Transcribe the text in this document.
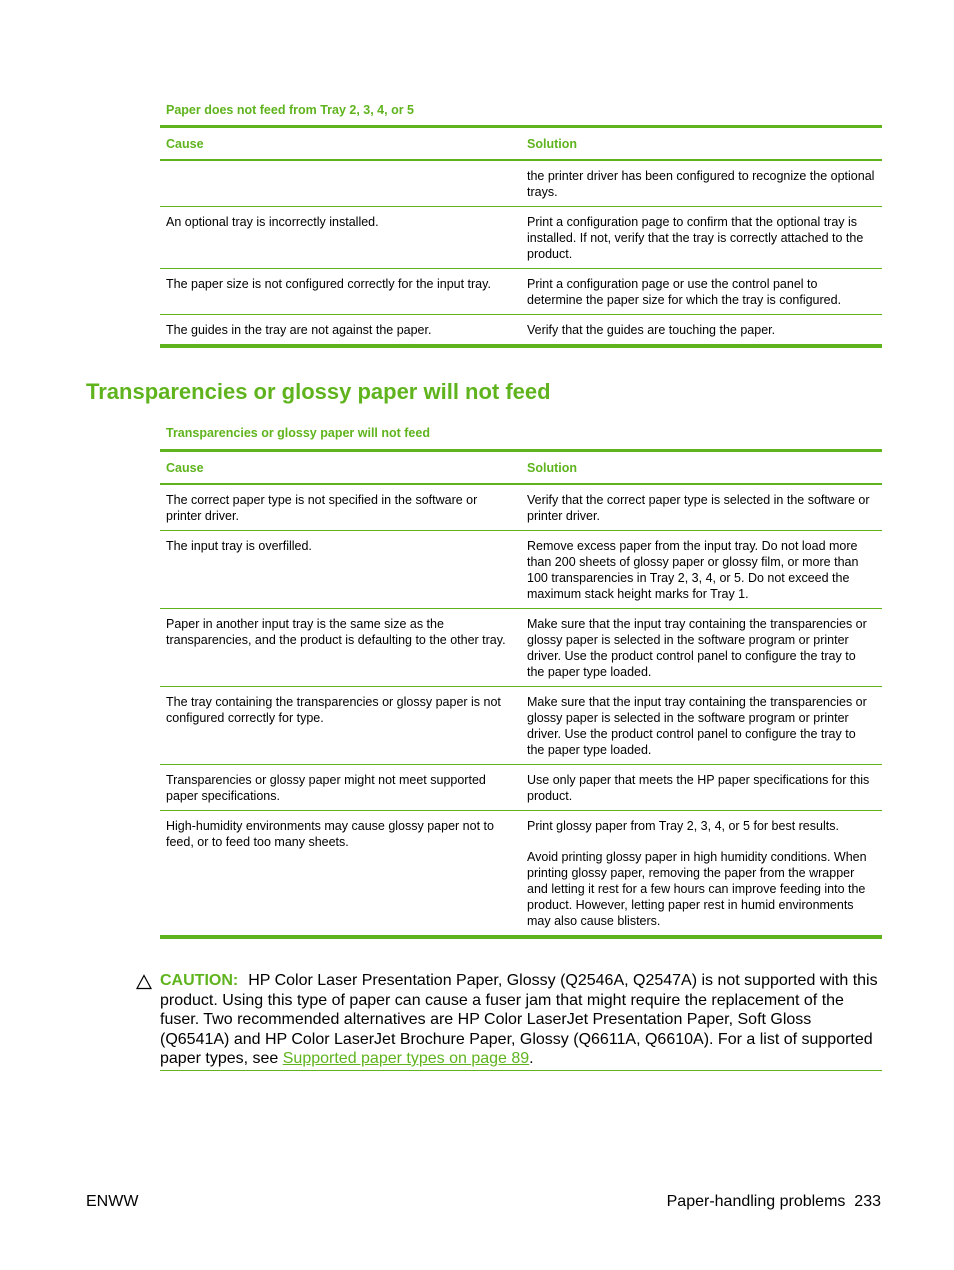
Paper does not feed from Tray 2, 3, 4, or 5
Cause	Solution
	the printer driver has been configured to recognize the optional trays.
An optional tray is incorrectly installed.	Print a configuration page to confirm that the optional tray is installed. If not, verify that the tray is correctly attached to the product.
The paper size is not configured correctly for the input tray.	Print a configuration page or use the control panel to determine the paper size for which the tray is configured.
The guides in the tray are not against the paper.	Verify that the guides are touching the paper.
Transparencies or glossy paper will not feed
Transparencies or glossy paper will not feed
Cause	Solution
The correct paper type is not specified in the software or printer driver.	Verify that the correct paper type is selected in the software or printer driver.
The input tray is overfilled.	Remove excess paper from the input tray. Do not load more than 200 sheets of glossy paper or glossy film, or more than 100 transparencies in Tray 2, 3, 4, or 5. Do not exceed the maximum stack height marks for Tray 1.
Paper in another input tray is the same size as the transparencies, and the product is defaulting to the other tray.	Make sure that the input tray containing the transparencies or glossy paper is selected in the software program or printer driver. Use the product control panel to configure the tray to the paper type loaded.
The tray containing the transparencies or glossy paper is not configured correctly for type.	Make sure that the input tray containing the transparencies or glossy paper is selected in the software program or printer driver. Use the product control panel to configure the tray to the paper type loaded.
Transparencies or glossy paper might not meet supported paper specifications.	Use only paper that meets the HP paper specifications for this product.
High-humidity environments may cause glossy paper not to feed, or to feed too many sheets.	Print glossy paper from Tray 2, 3, 4, or 5 for best results.

Avoid printing glossy paper in high humidity conditions. When printing glossy paper, removing the paper from the wrapper and letting it rest for a few hours can improve feeding into the product. However, letting paper rest in humid environments may also cause blisters.

CAUTION: HP Color Laser Presentation Paper, Glossy (Q2546A, Q2547A) is not supported with this product. Using this type of paper can cause a fuser jam that might require the replacement of the fuser. Two recommended alternatives are HP Color LaserJet Presentation Paper, Soft Gloss (Q6541A) and HP Color LaserJet Brochure Paper, Glossy (Q6611A, Q6610A). For a list of supported paper types, see Supported paper types on page 89.
ENWW	Paper-handling problems 233
